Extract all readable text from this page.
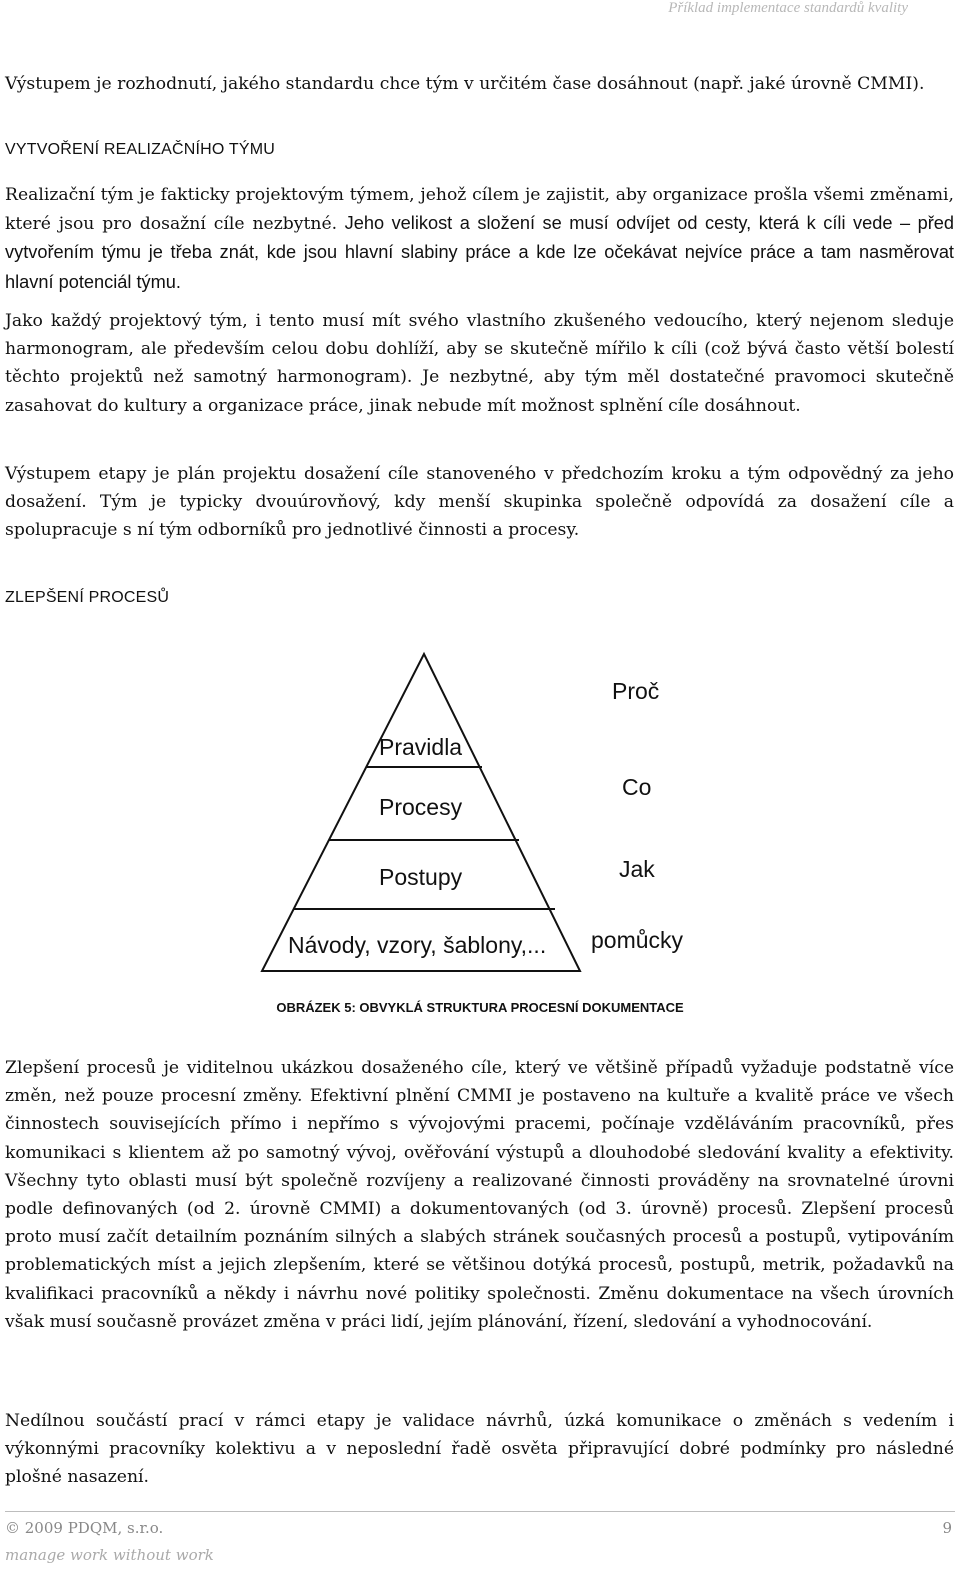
Příklad implementace standardů kvality

Výstupem je rozhodnutí, jakého standardu chce tým v určitém čase dosáhnout (např. jaké úrovně CMMI).

VYTVOŘENÍ REALIZAČNÍHO TÝMU

Realizační tým je fakticky projektovým týmem, jehož cílem je zajistit, aby organizace prošla všemi změnami, které jsou pro dosažní cíle nezbytné. Jeho velikost a složení se musí odvíjet od cesty, která k cíli vede – před vytvořením týmu je třeba znát, kde jsou hlavní slabiny práce a kde lze očekávat nejvíce práce a tam nasměrovat hlavní potenciál týmu.

Jako každý projektový tým, i tento musí mít svého vlastního zkušeného vedoucího, který nejenom sleduje harmonogram, ale především celou dobu dohlíží, aby se skutečně mířilo k cíli (což bývá často větší bolestí těchto projektů než samotný harmonogram). Je nezbytné, aby tým měl dostatečné pravomoci skutečně zasahovat do kultury a organizace práce, jinak nebude mít možnost splnění cíle dosáhnout.

Výstupem etapy je plán projektu dosažení cíle stanoveného v předchozím kroku a tým odpovědný za jeho dosažení. Tým je typicky dvouúrovňový, kdy menší skupinka společně odpovídá za dosažení cíle a spolupracuje s ní tým odborníků pro jednotlivé činnosti a procesy.

ZLEPŠENÍ PROCESŮ
Pravidla
Procesy
Postupy
Návody, vzory, šablony,...
Proč
Co
Jak
pomůcky
OBRÁZEK 5: OBVYKLÁ STRUKTURA PROCESNÍ DOKUMENTACE

Zlepšení procesů je viditelnou ukázkou dosaženého cíle, který ve většině případů vyžaduje podstatně více změn, než pouze procesní změny. Efektivní plnění CMMI je postaveno na kultuře a kvalitě práce ve všech činnostech souvisejících přímo i nepřímo s vývojovými pracemi, počínaje vzděláváním pracovníků, přes komunikaci s klientem až po samotný vývoj, ověřování výstupů a dlouhodobé sledování kvality a efektivity. Všechny tyto oblasti musí být společně rozvíjeny a realizované činnosti prováděny na srovnatelné úrovni podle definovaných (od 2. úrovně CMMI) a dokumentovaných (od 3. úrovně) procesů. Zlepšení procesů proto musí začít detailním poznáním silných a slabých stránek současných procesů a postupů, vytipováním problematických míst a jejich zlepšením, které se většinou dotýká procesů, postupů, metrik, požadavků na kvalifikaci pracovníků a někdy i návrhu nové politiky společnosti. Změnu dokumentace na všech úrovních však musí současně provázet změna v práci lidí, jejím plánování, řízení, sledování a vyhodnocování.

Nedílnou součástí prací v rámci etapy je validace návrhů, úzká komunikace o změnách s vedením i výkonnými pracovníky kolektivu a v neposlední řadě osvěta připravující dobré podmínky pro následné plošné nasazení.

© 2009 PDQM, s.r.o.	9
manage work without work
